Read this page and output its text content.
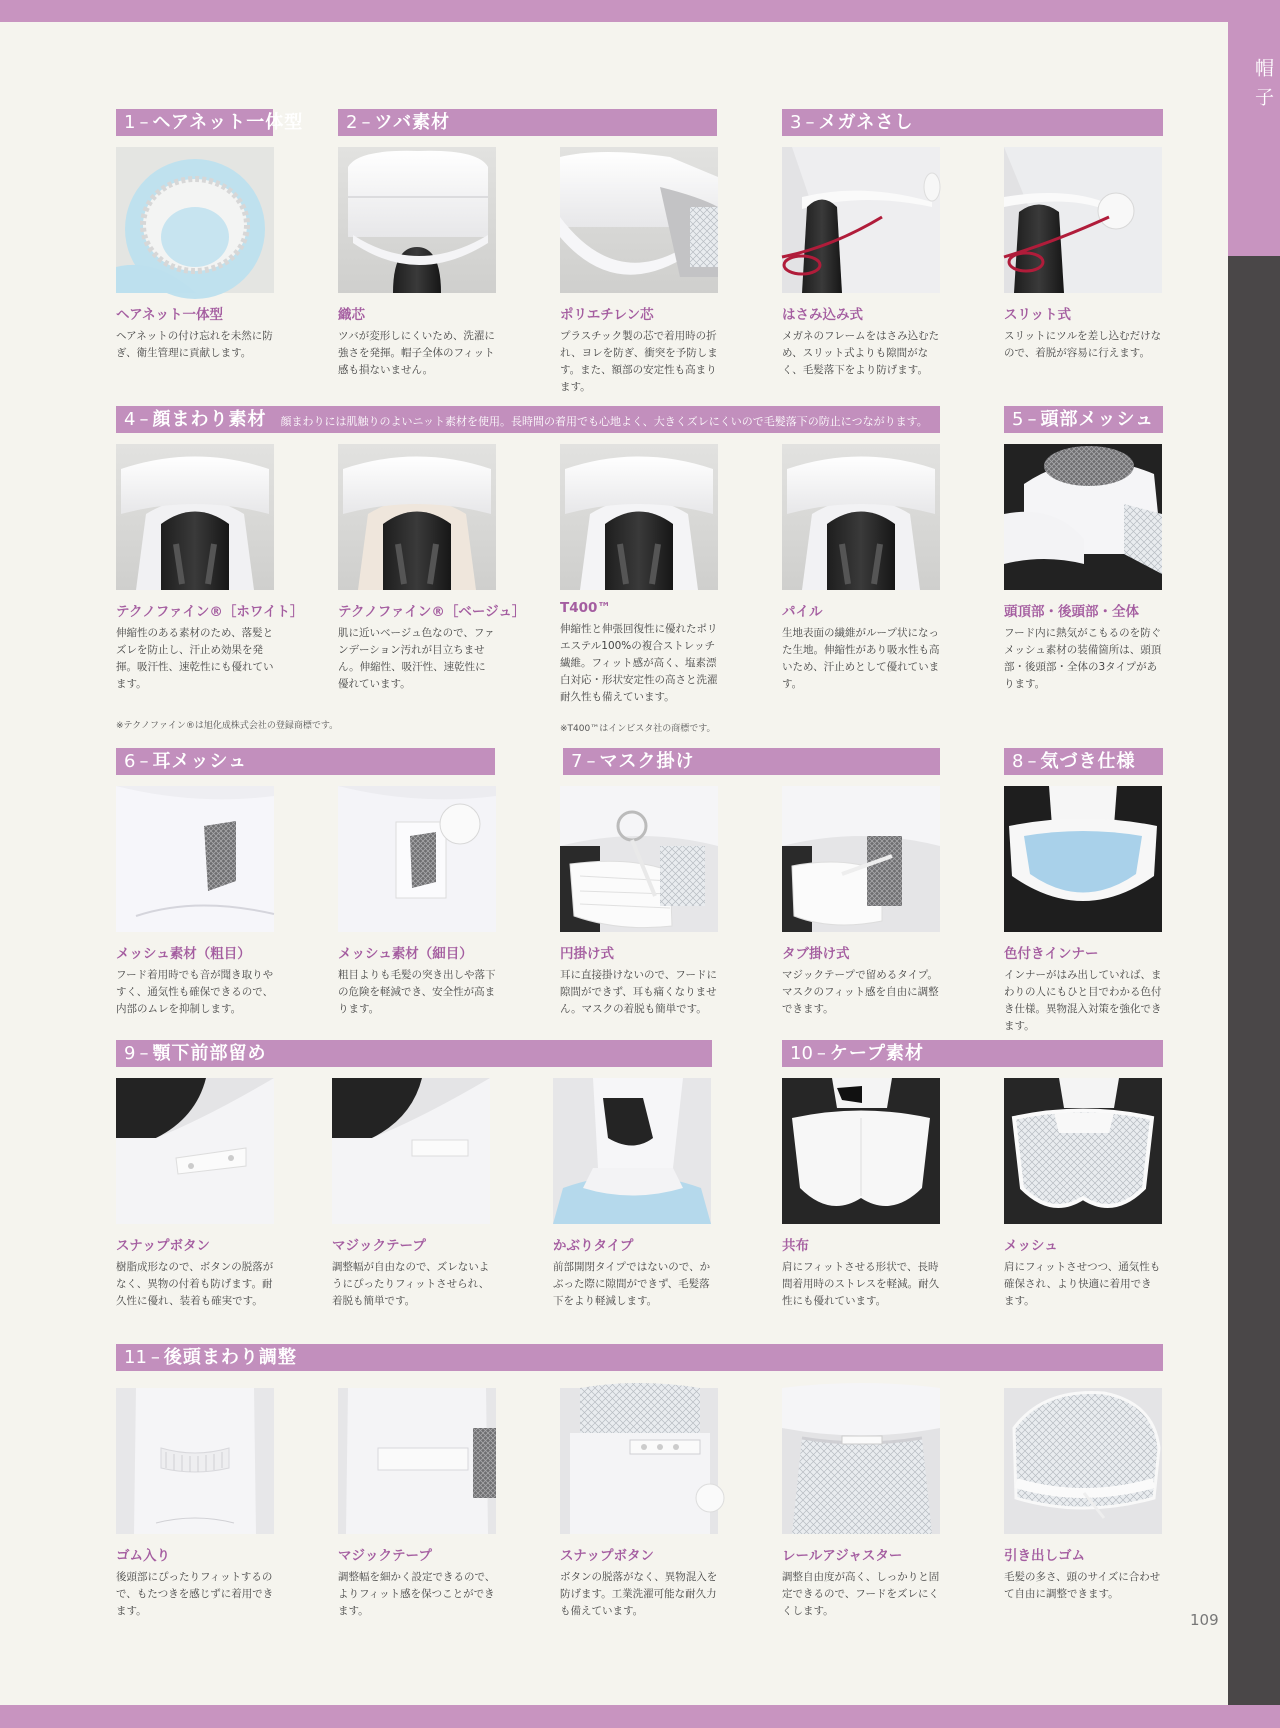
帽子
109
1 – ヘアネット一体型	2 – ツバ素材	3 – メガネさし
4 – 顔まわり素材 顔まわりには肌触りのよいニット素材を使用。長時間の着用でも心地よく、大きくズレにくいので毛髪落下の防止につながります。	5 – 頭部メッシュ
6 – 耳メッシュ	7 – マスク掛け	8 – 気づき仕様
9 – 顎下前部留め	10 – ケープ素材
11 – 後頭まわり調整
ヘアネット一体型
ヘアネットの付け忘れを未然に防ぎ、衛生管理に貢献します。
織芯
ツバが変形しにくいため、洗濯に強さを発揮。帽子全体のフィット感も損ないません。
ポリエチレン芯
プラスチック製の芯で着用時の折れ、ヨレを防ぎ、衝突を予防します。また、額部の安定性も高まります。
はさみ込み式
メガネのフレームをはさみ込むため、スリット式よりも隙間がなく、毛髪落下をより防げます。
スリット式
スリットにツルを差し込むだけなので、着脱が容易に行えます。
テクノファイン®［ホワイト］
伸縮性のある素材のため、落髪とズレを防止し、汗止め効果を発揮。吸汗性、速乾性にも優れています。
テクノファイン®［ベージュ］
肌に近いベージュ色なので、ファンデーション汚れが目立ちません。伸縮性、吸汗性、速乾性に優れています。
T400™
伸縮性と伸張回復性に優れたポリエステル100%の複合ストレッチ繊維。フィット感が高く、塩素漂白対応・形状安定性の高さと洗濯耐久性も備えています。
パイル
生地表面の繊維がループ状になった生地。伸縮性があり吸水性も高いため、汗止めとして優れています。
頭頂部・後頭部・全体
フード内に熱気がこもるのを防ぐメッシュ素材の装備箇所は、頭頂部・後頭部・全体の3タイプがあります。
※テクノファイン®は旭化成株式会社の登録商標です。	※T400™はインビスタ社の商標です。
メッシュ素材（粗目）
フード着用時でも音が聞き取りやすく、通気性も確保できるので、内部のムレを抑制します。
メッシュ素材（細目）
粗目よりも毛髪の突き出しや落下の危険を軽減でき、安全性が高まります。
円掛け式
耳に直接掛けないので、フードに隙間ができず、耳も痛くなりません。マスクの着脱も簡単です。
タブ掛け式
マジックテープで留めるタイプ。マスクのフィット感を自由に調整できます。
色付きインナー
インナーがはみ出していれば、まわりの人にもひと目でわかる色付き仕様。異物混入対策を強化できます。
スナップボタン
樹脂成形なので、ボタンの脱落がなく、異物の付着も防げます。耐久性に優れ、装着も確実です。
マジックテープ
調整幅が自由なので、ズレないようにぴったりフィットさせられ、着脱も簡単です。
かぶりタイプ
前部開閉タイプではないので、かぶった際に隙間ができず、毛髪落下をより軽減します。
共布
肩にフィットさせる形状で、長時間着用時のストレスを軽減。耐久性にも優れています。
メッシュ
肩にフィットさせつつ、通気性も確保され、より快適に着用できます。
ゴム入り
後頭部にぴったりフィットするので、もたつきを感じずに着用できます。
マジックテープ
調整幅を細かく設定できるので、よりフィット感を保つことができます。
スナップボタン
ボタンの脱落がなく、異物混入を防げます。工業洗濯可能な耐久力も備えています。
レールアジャスター
調整自由度が高く、しっかりと固定できるので、フードをズレにくくします。
引き出しゴム
毛髪の多さ、頭のサイズに合わせて自由に調整できます。
